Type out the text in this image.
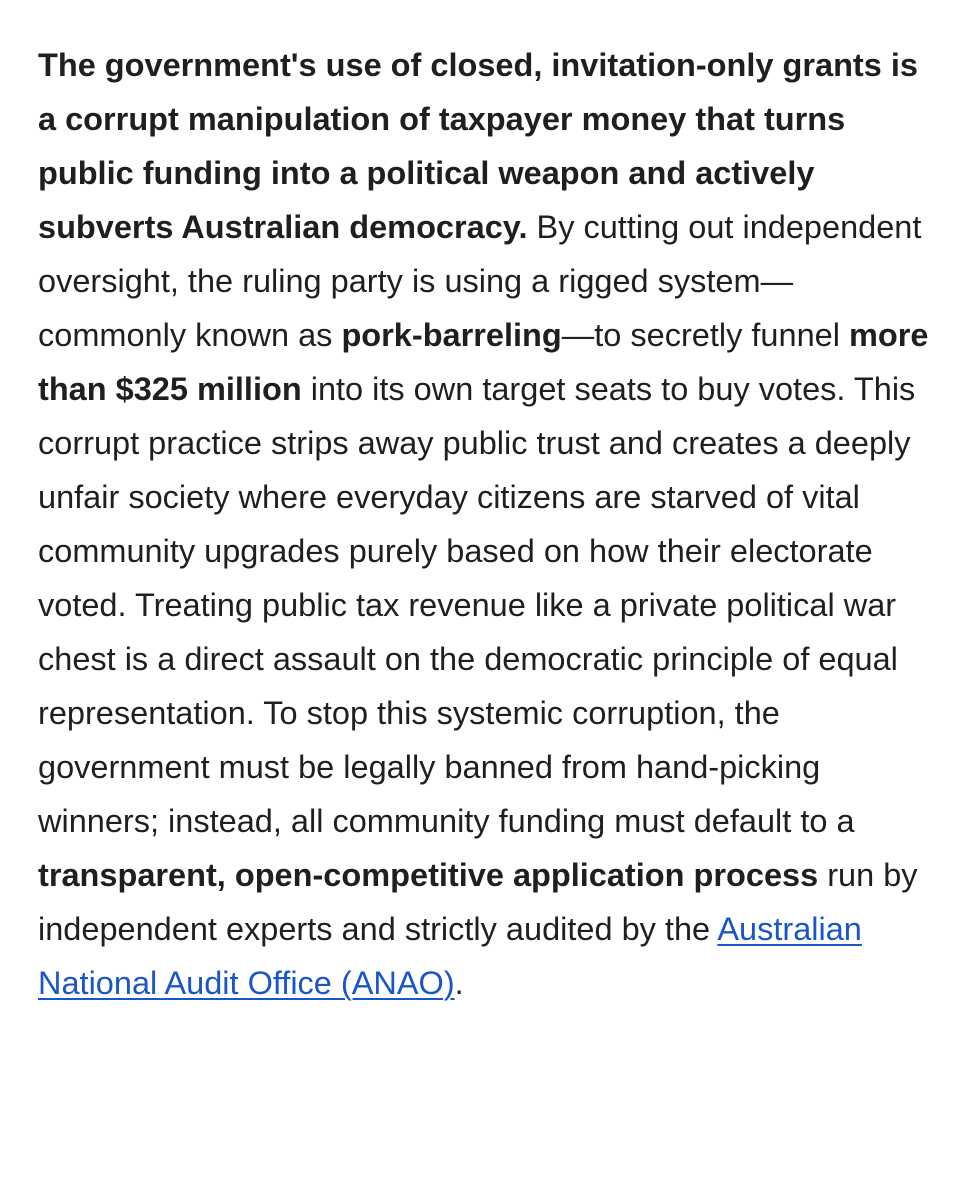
The government's use of closed, invitation-only grants is a corrupt manipulation of taxpayer money that turns public funding into a political weapon and actively subverts Australian democracy. By cutting out independent oversight, the ruling party is using a rigged system—commonly known as pork-barreling—to secretly funnel more than $325 million into its own target seats to buy votes. This corrupt practice strips away public trust and creates a deeply unfair society where everyday citizens are starved of vital community upgrades purely based on how their electorate voted. Treating public tax revenue like a private political war chest is a direct assault on the democratic principle of equal representation. To stop this systemic corruption, the government must be legally banned from hand-picking winners; instead, all community funding must default to a transparent, open-competitive application process run by independent experts and strictly audited by the Australian National Audit Office (ANAO).
